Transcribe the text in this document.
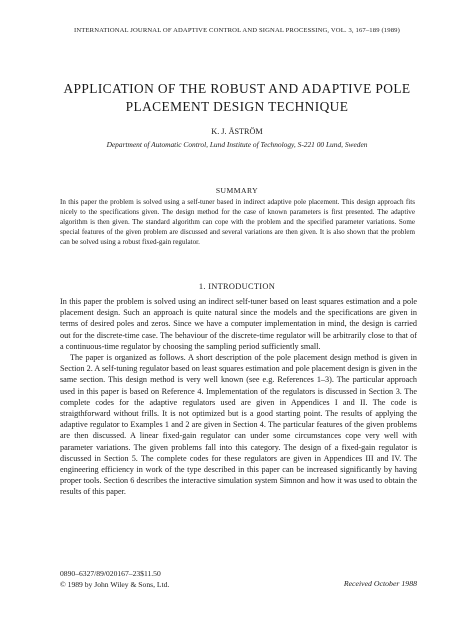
INTERNATIONAL JOURNAL OF ADAPTIVE CONTROL AND SIGNAL PROCESSING, VOL. 3, 167–189 (1989)
APPLICATION OF THE ROBUST AND ADAPTIVE POLE
PLACEMENT DESIGN TECHNIQUE
K. J. ÅSTRÖM
Department of Automatic Control, Lund Institute of Technology, S-221 00 Lund, Sweden
SUMMARY

In this paper the problem is solved using a self-tuner based in indirect adaptive pole placement. This design approach fits nicely to the specifications given. The design method for the case of known parameters is first presented. The adaptive algorithm is then given. The standard algorithm can cope with the problem and the specified parameter variations. Some special features of the given problem are discussed and several variations are then given. It is also shown that the problem can be solved using a robust fixed-gain regulator.

1. INTRODUCTION

In this paper the problem is solved using an indirect self-tuner based on least squares estimation and a pole placement design. Such an approach is quite natural since the models and the specifications are given in terms of desired poles and zeros. Since we have a computer implementation in mind, the design is carried out for the discrete-time case. The behaviour of the discrete-time regulator will be arbitrarily close to that of a continuous-time regulator by choosing the sampling period sufficiently small.

The paper is organized as follows. A short description of the pole placement design method is given in Section 2. A self-tuning regulator based on least squares estimation and pole placement design is given in the same section. This design method is very well known (see e.g. References 1–3). The particular approach used in this paper is based on Reference 4. Implementation of the regulators is discussed in Section 3. The complete codes for the adaptive regulators used are given in Appendices I and II. The code is straigthforward without frills. It is not optimized but is a good starting point. The results of applying the adaptive regulator to Examples 1 and 2 are given in Section 4. The particular features of the given problems are then discussed. A linear fixed-gain regulator can under some circumstances cope very well with parameter variations. The given problems fall into this category. The design of a fixed-gain regulator is discussed in Section 5. The complete codes for these regulators are given in Appendices III and IV. The engineering efficiency in work of the type described in this paper can be increased significantly by having proper tools. Section 6 describes the interactive simulation system Simnon and how it was used to obtain the results of this paper.

0890–6327/89/020167–23$11.50
© 1989 by John Wiley & Sons, Ltd.	Received October 1988
